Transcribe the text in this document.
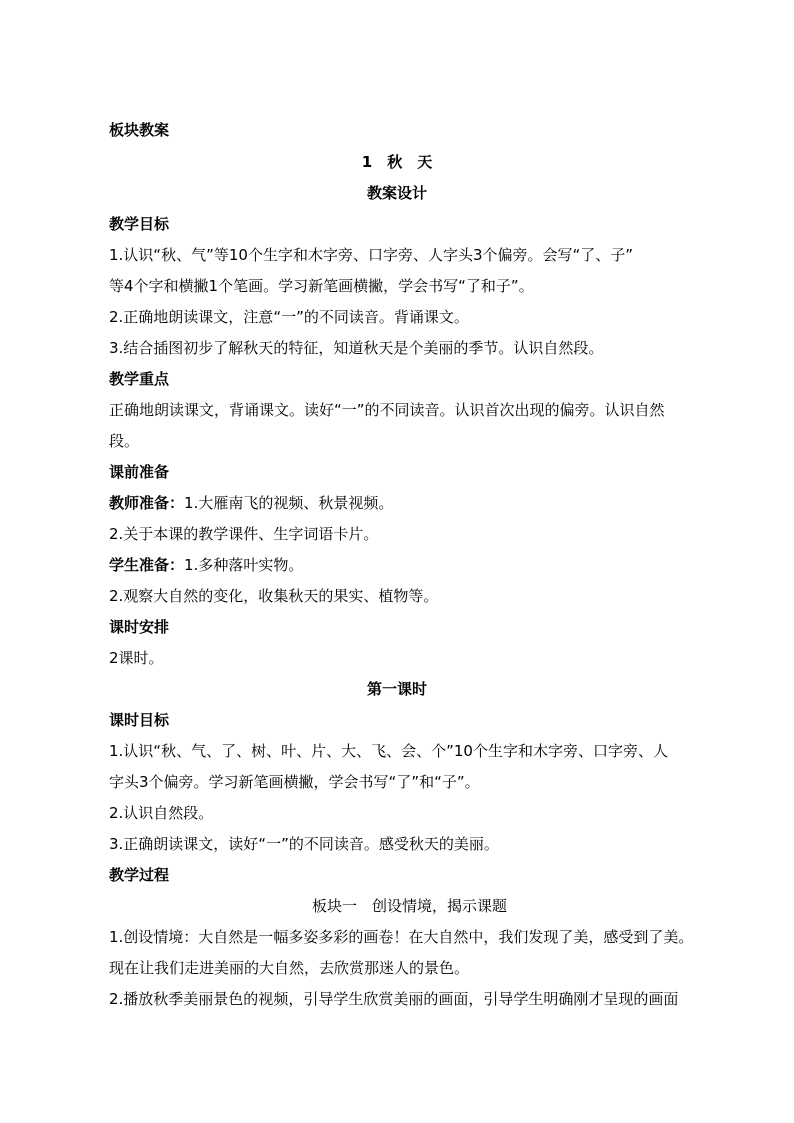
板块教案
1　秋　天
教案设计
教学目标
1.认识“秋、气”等10个生字和木字旁、口字旁、人字头3个偏旁。会写“了、子”
等4个字和横撇1个笔画。学习新笔画横撇，学会书写“了和子”。
2.正确地朗读课文，注意“一”的不同读音。背诵课文。
3.结合插图初步了解秋天的特征，知道秋天是个美丽的季节。认识自然段。
教学重点
正确地朗读课文，背诵课文。读好“一”的不同读音。认识首次出现的偏旁。认识自然
段。
课前准备
教师准备：1.大雁南飞的视频、秋景视频。
2.关于本课的教学课件、生字词语卡片。
学生准备：1.多种落叶实物。
2.观察大自然的变化，收集秋天的果实、植物等。
课时安排
2课时。
第一课时
课时目标
1.认识“秋、气、了、树、叶、片、大、飞、会、个”10个生字和木字旁、口字旁、人
字头3个偏旁。学习新笔画横撇，学会书写“了”和“子”。
2.认识自然段。
3.正确朗读课文，读好“一”的不同读音。感受秋天的美丽。
教学过程
板块一　创设情境，揭示课题
1.创设情境：大自然是一幅多姿多彩的画卷！在大自然中，我们发现了美，感受到了美。
现在让我们走进美丽的大自然，去欣赏那迷人的景色。
2.播放秋季美丽景色的视频，引导学生欣赏美丽的画面，引导学生明确刚才呈现的画面
